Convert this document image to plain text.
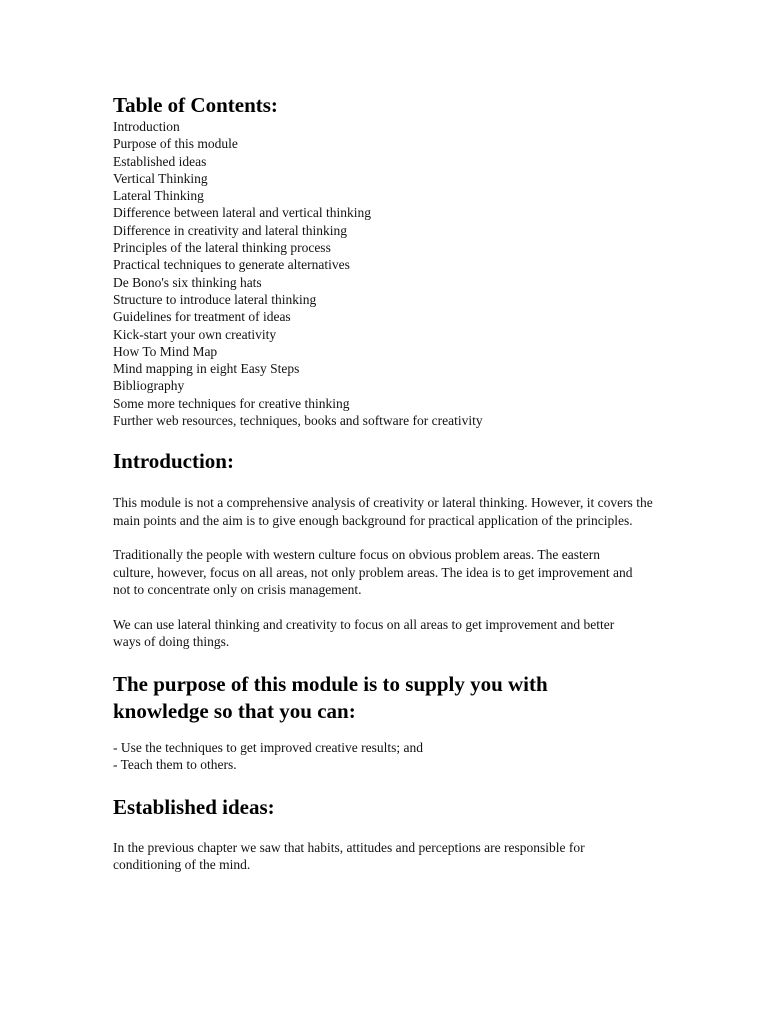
Table of Contents:
Introduction
Purpose of this module
Established ideas
Vertical Thinking
Lateral Thinking
Difference between lateral and vertical thinking
Difference in creativity and lateral thinking
Principles of the lateral thinking process
Practical techniques to generate alternatives
De Bono's six thinking hats
Structure to introduce lateral thinking
Guidelines for treatment of ideas
Kick-start your own creativity
How To Mind Map
Mind mapping in eight Easy Steps
Bibliography
Some more techniques for creative thinking
Further web resources, techniques, books and software for creativity
Introduction:

This module is not a comprehensive analysis of creativity or lateral thinking. However, it covers the main points and the aim is to give enough background for practical application of the principles.

Traditionally the people with western culture focus on obvious problem areas. The eastern culture, however, focus on all areas, not only problem areas. The idea is to get improvement and not to concentrate only on crisis management.

We can use lateral thinking and creativity to focus on all areas to get improvement and better ways of doing things.

The purpose of this module is to supply you with knowledge so that you can:

- Use the techniques to get improved creative results; and

- Teach them to others.

Established ideas:

In the previous chapter we saw that habits, attitudes and perceptions are responsible for conditioning of the mind.
